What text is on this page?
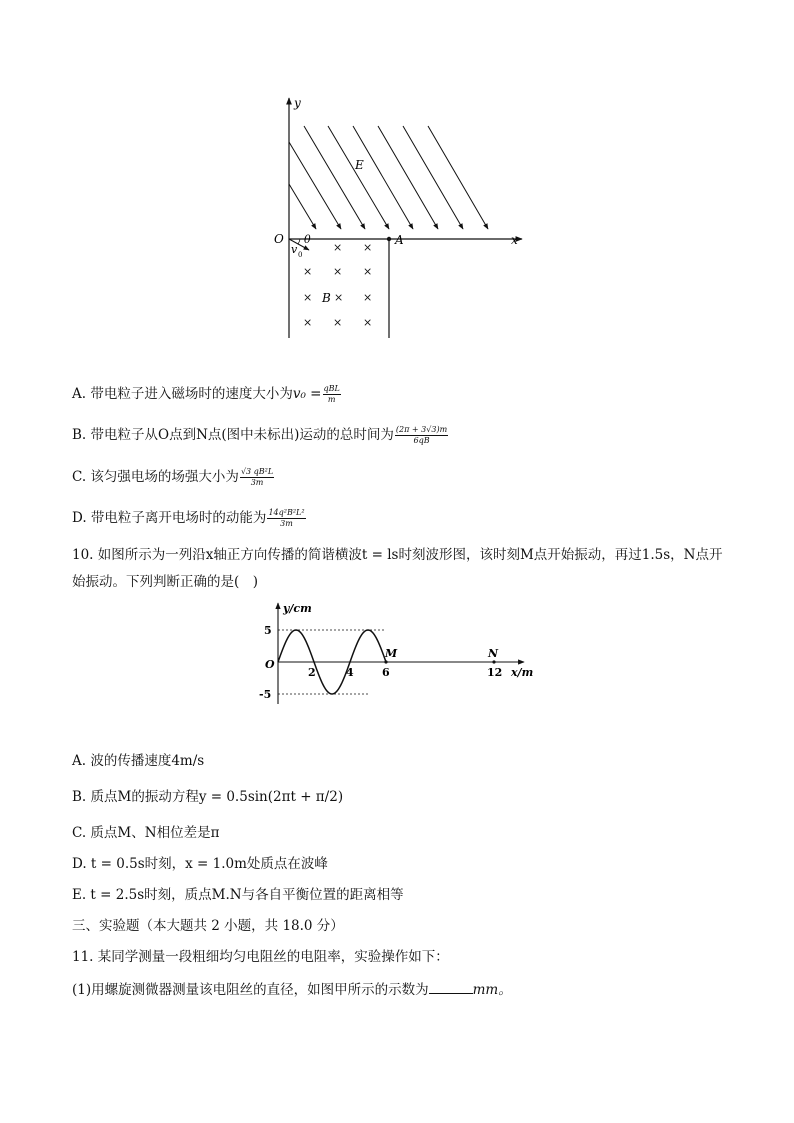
y
x
O
E
A
θ
v 0
B
× ×
× × ×
× × ×
× × ×
A. 带电粒子进入磁场时的速度大小为$v_0 = \frac{\text{qBL}}{m}$
B. 带电粒子从O点到N点(图中未标出)运动的总时间为 $\frac{(2\pi + 3√3)m}{6qB}$
C. 该匀强电场的场强大小为 $\frac{\text{√3 qB²L}}{3m}$
D. 带电粒子离开电场时的动能为 $\frac{\text{14q²B²L²}}{3m}$
10. 如图所示为一列沿x轴正方向传播的简谐横波t = ls时刻波形图，该时刻M点开始振动，再过1.5s，N点开始振动。下列判断正确的是(　)
y/cm
x/m
O
5
-5
2	4	6	12
M	N
A. 波的传播速度4m/s
B. 质点M的振动方程y = 0.5sin(2πt + π/2)
C. 质点M、N相位差是π
D. t = 0.5s时刻，x = 1.0m处质点在波峰
E. t = 2.5s时刻，质点M.N与各自平衡位置的距离相等
三、实验题（本大题共 2 小题，共 18.0 分）
11. 某同学测量一段粗细均匀电阻丝的电阻率，实验操作如下：
(1)用螺旋测微器测量该电阻丝的直径，如图甲所示的示数为	mm。
